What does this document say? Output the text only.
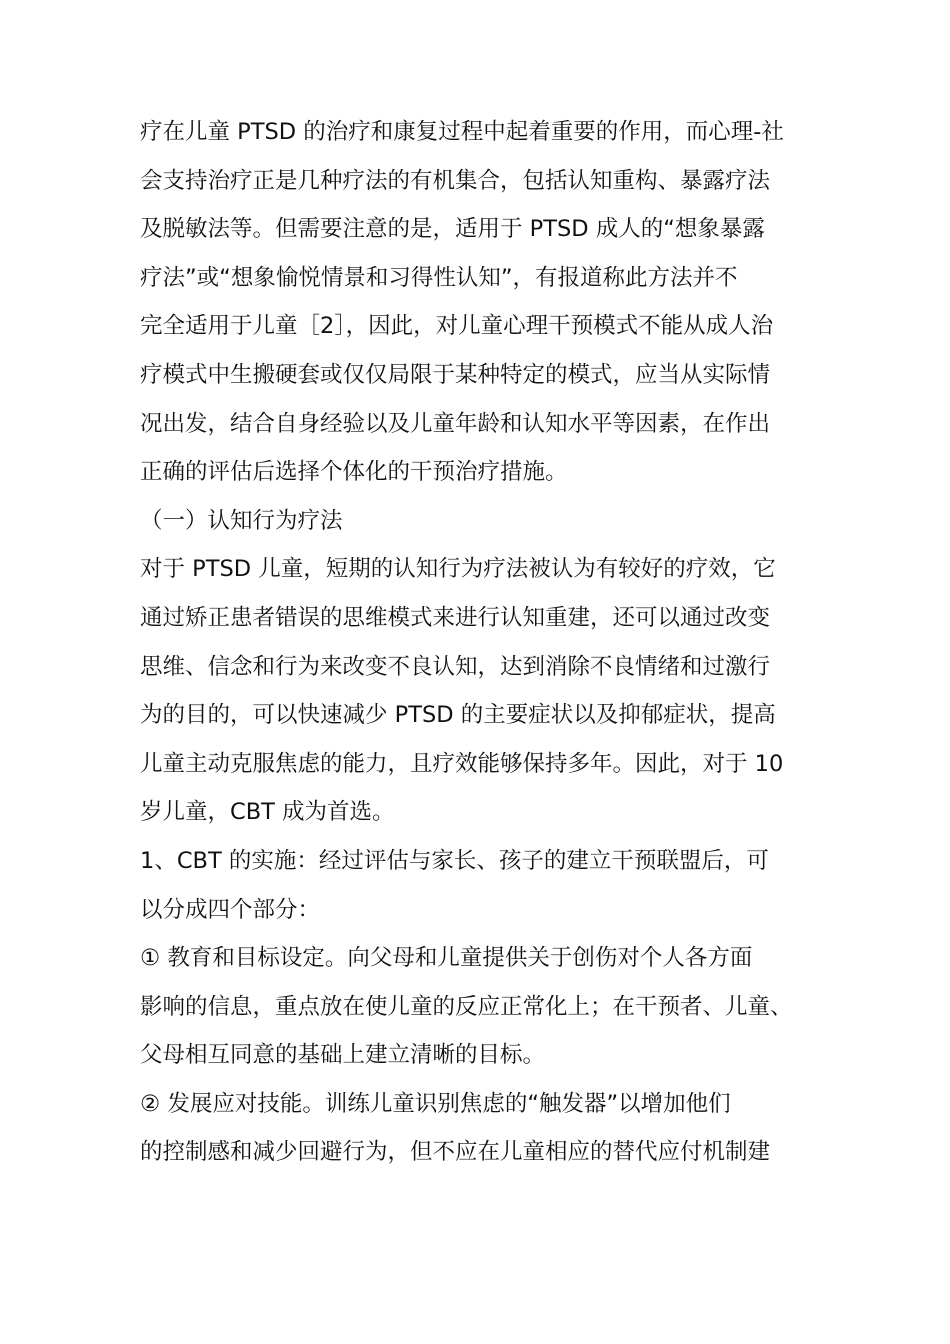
疗在儿童 PTSD 的治疗和康复过程中起着重要的作用，而心理-社
会支持治疗正是几种疗法的有机集合，包括认知重构、暴露疗法
及脱敏法等。但需要注意的是，适用于 PTSD 成人的“想象暴露
疗法”或“想象愉悦情景和习得性认知”，有报道称此方法并不
完全适用于儿童［2］，因此，对儿童心理干预模式不能从成人治
疗模式中生搬硬套或仅仅局限于某种特定的模式，应当从实际情
况出发，结合自身经验以及儿童年龄和认知水平等因素，在作出
正确的评估后选择个体化的干预治疗措施。
（一）认知行为疗法
对于 PTSD 儿童，短期的认知行为疗法被认为有较好的疗效，它
通过矫正患者错误的思维模式来进行认知重建，还可以通过改变
思维、信念和行为来改变不良认知，达到消除不良情绪和过激行
为的目的，可以快速减少 PTSD 的主要症状以及抑郁症状，提高
儿童主动克服焦虑的能力，且疗效能够保持多年。因此，对于 10
岁儿童，CBT 成为首选。
1、CBT 的实施：经过评估与家长、孩子的建立干预联盟后，可
以分成四个部分：
① 教育和目标设定。向父母和儿童提供关于创伤对个人各方面
影响的信息，重点放在使儿童的反应正常化上；在干预者、儿童、
父母相互同意的基础上建立清晰的目标。
② 发展应对技能。训练儿童识别焦虑的“触发器”以增加他们
的控制感和减少回避行为，但不应在儿童相应的替代应付机制建
